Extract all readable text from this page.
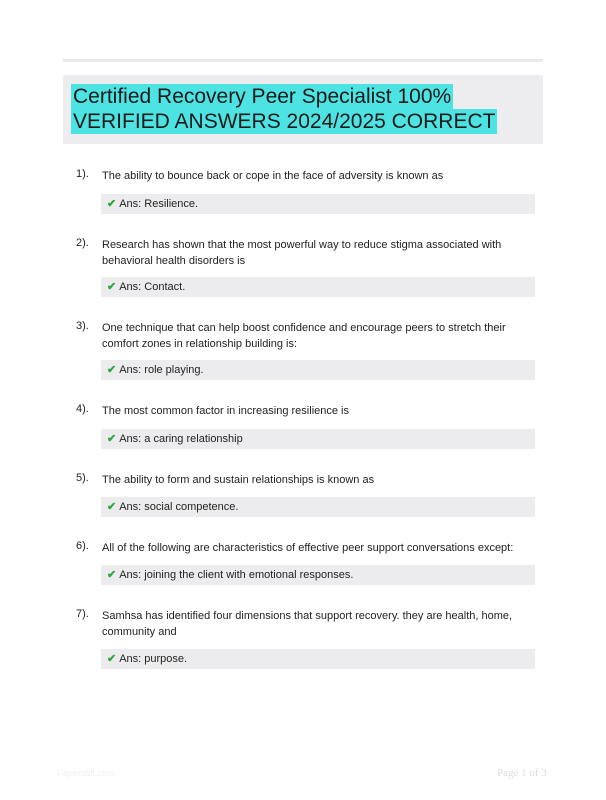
Certified Recovery Peer Specialist 100% VERIFIED ANSWERS 2024/2025 CORRECT
1). The ability to bounce back or cope in the face of adversity is known as
✔ Ans: Resilience.
2). Research has shown that the most powerful way to reduce stigma associated with behavioral health disorders is
✔ Ans: Contact.
3). One technique that can help boost confidence and encourage peers to stretch their comfort zones in relationship building is:
✔ Ans: role playing.
4). The most common factor in increasing resilience is
✔ Ans: a caring relationship
5). The ability to form and sustain relationships is known as
✔ Ans: social competence.
6). All of the following are characteristics of effective peer support conversations except:
✔ Ans: joining the client with emotional responses.
7). Samhsa has identified four dimensions that support recovery. they are health, home, community and
✔ Ans: purpose.
Papersbit.com	Page 1 of 3
